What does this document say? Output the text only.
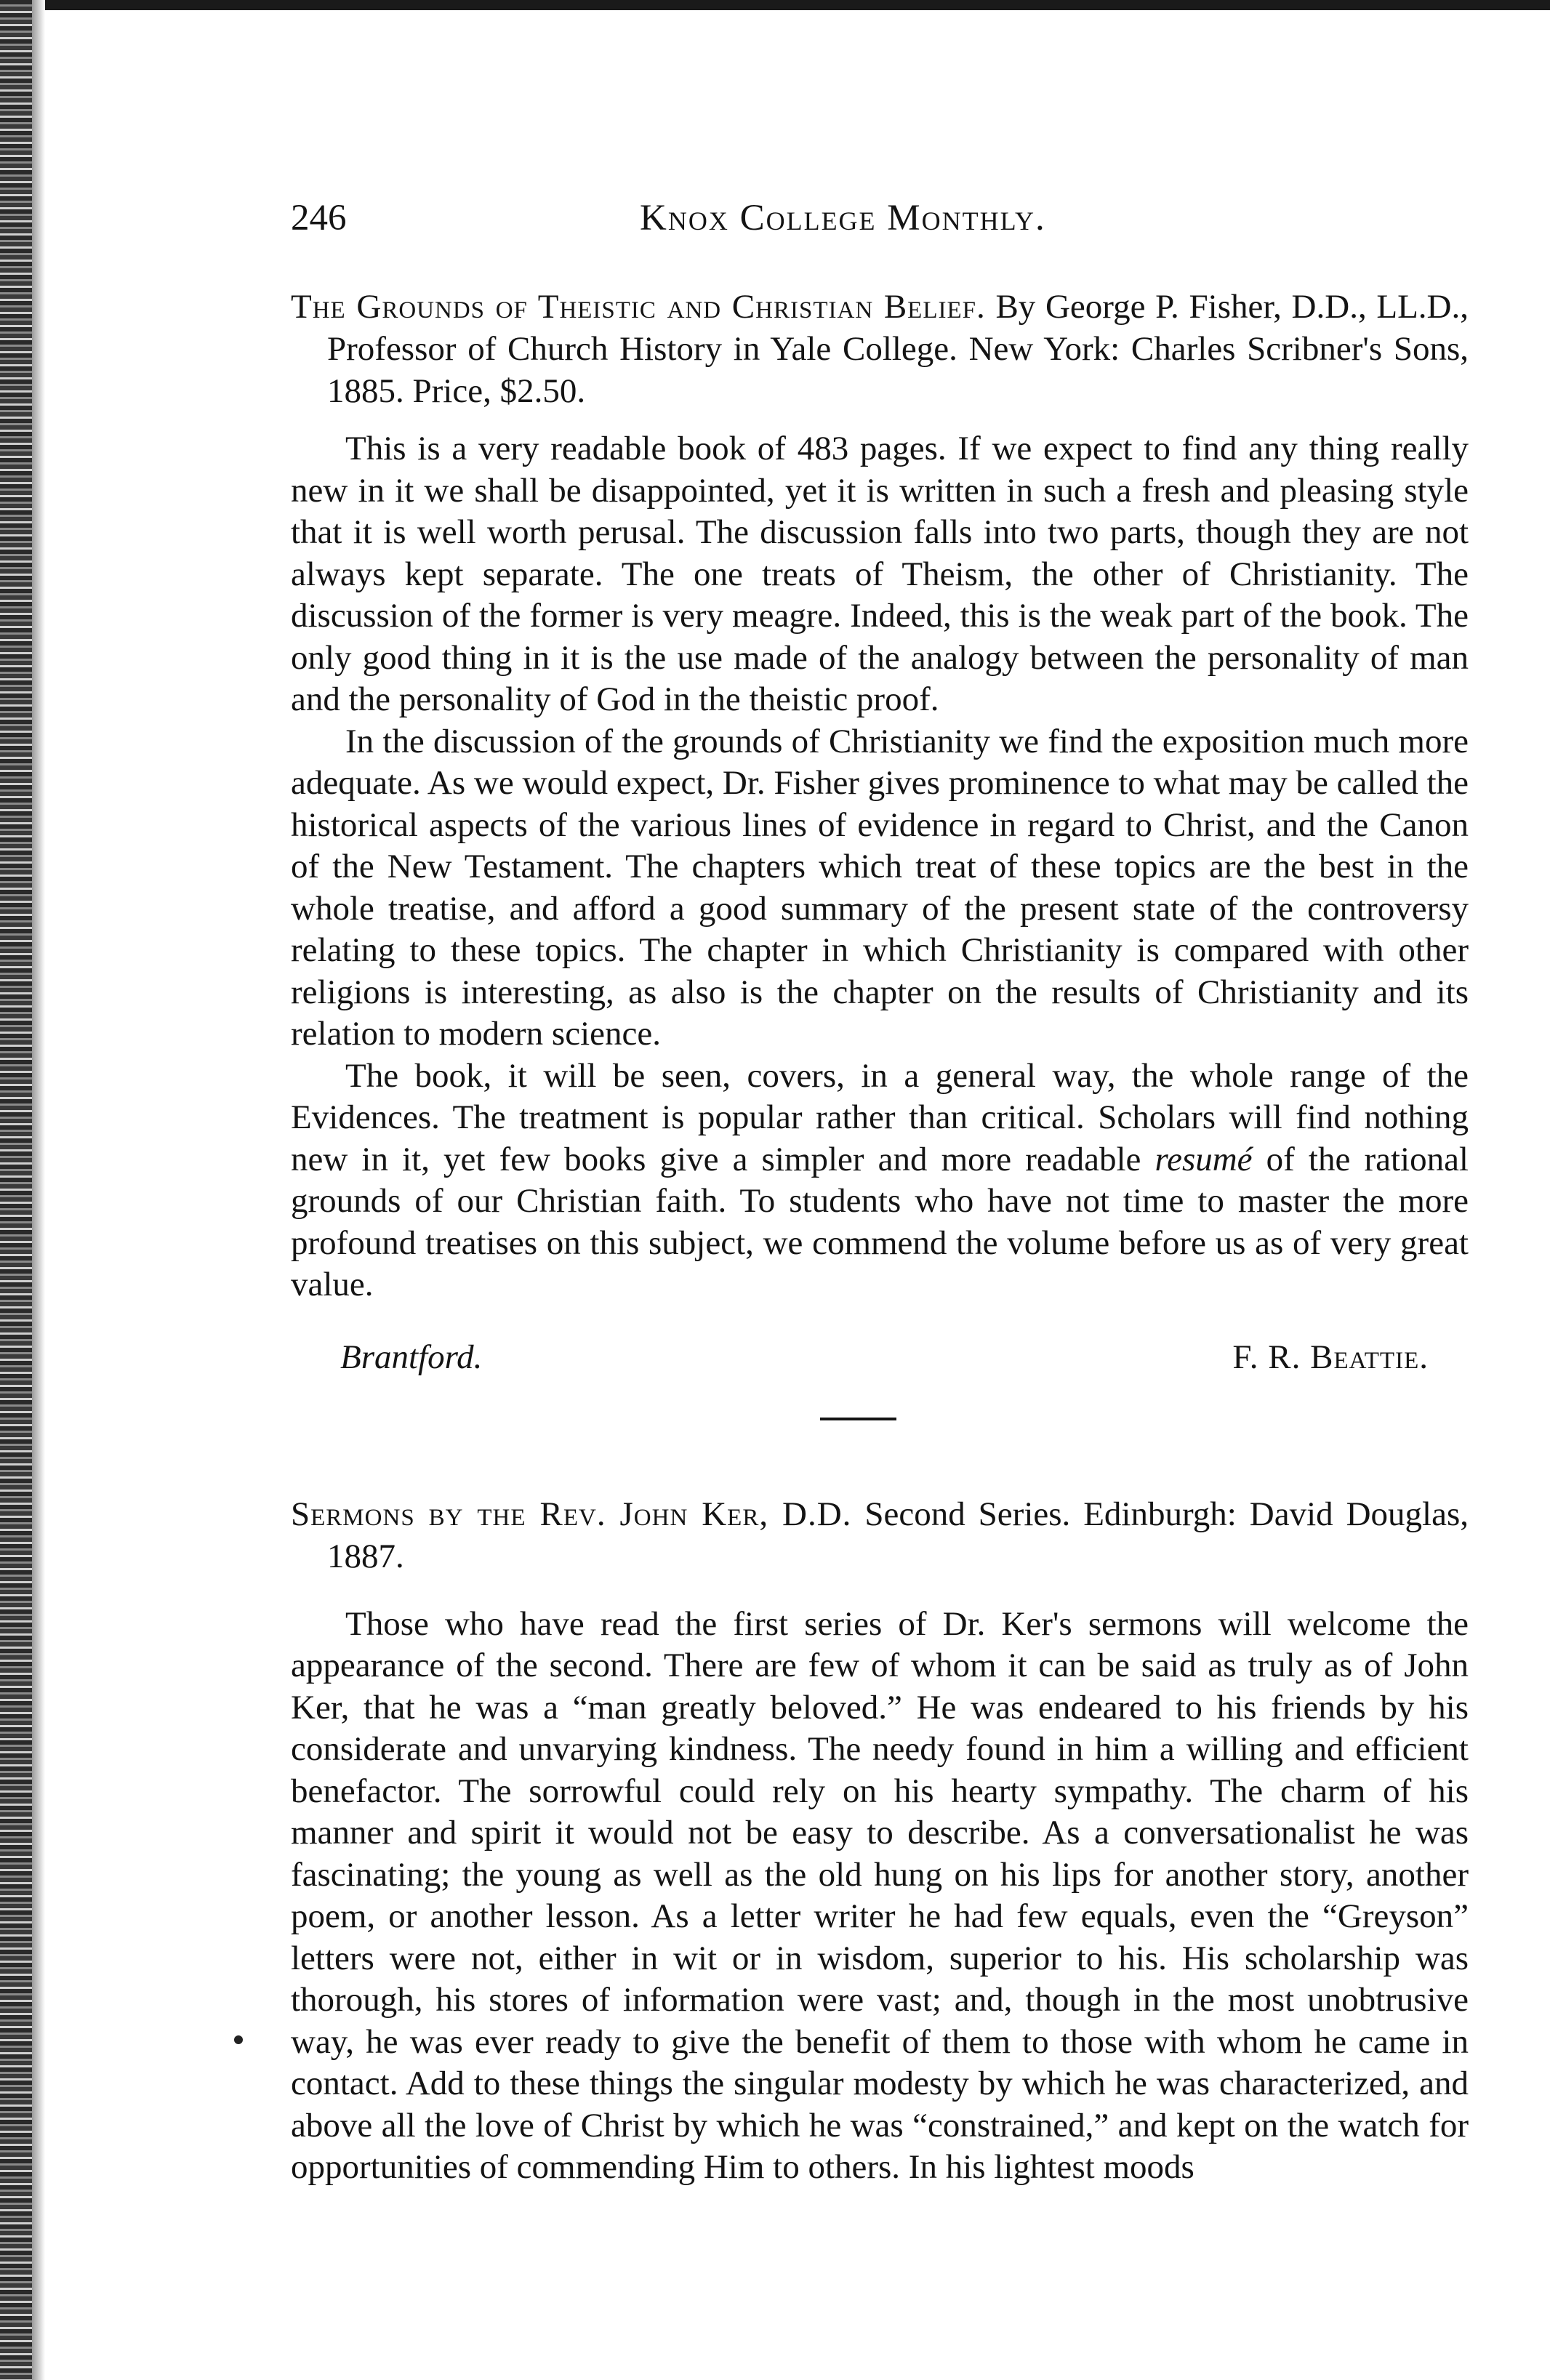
246	Knox College Monthly.
The Grounds of Theistic and Christian Belief. By George P. Fisher, D.D., LL.D., Professor of Church History in Yale College. New York: Charles Scribner's Sons, 1885. Price, $2.50.

This is a very readable book of 483 pages. If we expect to find any thing really new in it we shall be disappointed, yet it is written in such a fresh and pleasing style that it is well worth perusal. The discussion falls into two parts, though they are not always kept separate. The one treats of Theism, the other of Christianity. The discussion of the former is very meagre. Indeed, this is the weak part of the book. The only good thing in it is the use made of the analogy between the personality of man and the personality of God in the theistic proof.

In the discussion of the grounds of Christianity we find the exposition much more adequate. As we would expect, Dr. Fisher gives prominence to what may be called the historical aspects of the various lines of evidence in regard to Christ, and the Canon of the New Testament. The chapters which treat of these topics are the best in the whole treatise, and afford a good summary of the present state of the controversy relating to these topics. The chapter in which Christianity is compared with other religions is interesting, as also is the chapter on the results of Christianity and its relation to modern science.

The book, it will be seen, covers, in a general way, the whole range of the Evidences. The treatment is popular rather than critical. Scholars will find nothing new in it, yet few books give a simpler and more readable resumé of the rational grounds of our Christian faith. To students who have not time to master the more profound treatises on this subject, we commend the volume before us as of very great value.

Brantford.	F. R. Beattie.
Sermons by the Rev. John Ker, D.D. Second Series. Edinburgh: David Douglas, 1887.

Those who have read the first series of Dr. Ker's sermons will welcome the appearance of the second. There are few of whom it can be said as truly as of John Ker, that he was a “man greatly beloved.” He was endeared to his friends by his considerate and unvarying kindness. The needy found in him a willing and efficient benefactor. The sorrowful could rely on his hearty sympathy. The charm of his manner and spirit it would not be easy to describe. As a conversationalist he was fascinating; the young as well as the old hung on his lips for another story, another poem, or another lesson. As a letter writer he had few equals, even the “Greyson” letters were not, either in wit or in wisdom, superior to his. His scholarship was thorough, his stores of information were vast; and, though in the most unobtrusive way, he was ever ready to give the benefit of them to those with whom he came in contact. Add to these things the singular modesty by which he was characterized, and above all the love of Christ by which he was “constrained,” and kept on the watch for opportunities of commending Him to others. In his lightest moods
